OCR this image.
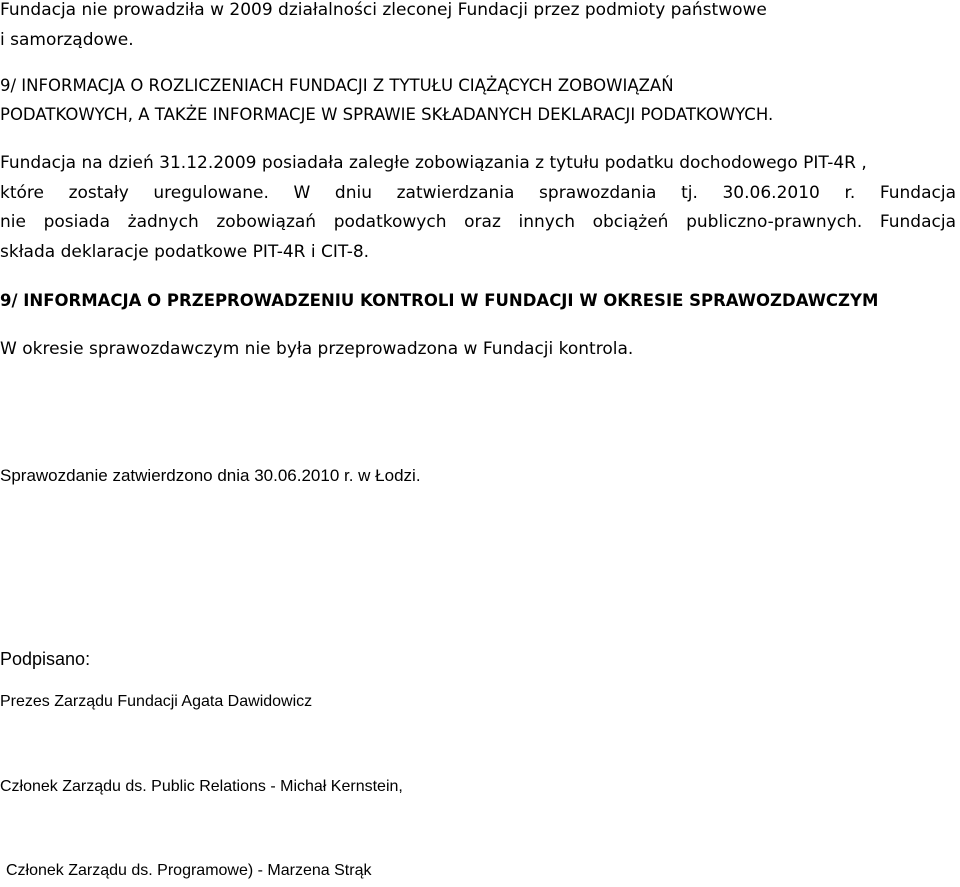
Fundacja nie prowadziła w 2009 działalności zleconej Fundacji przez podmioty państwowe

i samorządowe.

9/ INFORMACJA O ROZLICZENIACH FUNDACJI Z TYTUŁU CIĄŻĄCYCH ZOBOWIĄZAŃ

PODATKOWYCH, A TAKŻE INFORMACJE W SPRAWIE SKŁADANYCH DEKLARACJI PODATKOWYCH.

Fundacja na dzień 31.12.2009 posiadała zaległe zobowiązania z tytułu podatku dochodowego PIT-4R ,

które zostały uregulowane. W dniu zatwierdzania sprawozdania tj. 30.06.2010 r. Fundacja

nie posiada żadnych zobowiązań podatkowych oraz innych obciążeń publiczno-prawnych. Fundacja

składa deklaracje podatkowe PIT-4R i CIT-8.

9/ INFORMACJA O PRZEPROWADZENIU KONTROLI W FUNDACJI W OKRESIE SPRAWOZDAWCZYM

W okresie sprawozdawczym nie była przeprowadzona w Fundacji kontrola.

Sprawozdanie zatwierdzono dnia 30.06.2010 r. w Łodzi.

Podpisano:

Prezes Zarządu Fundacji Agata Dawidowicz

Członek Zarządu ds. Public Relations - Michał Kernstein,

Członek Zarządu ds. Programowe) - Marzena Strąk
